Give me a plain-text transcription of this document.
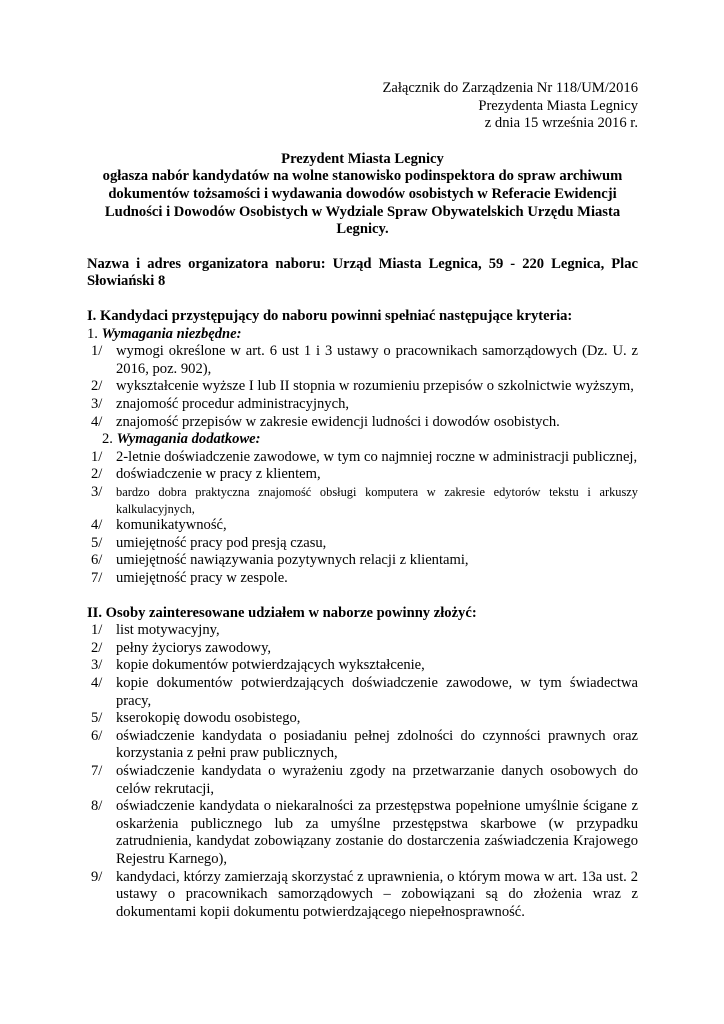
Załącznik do Zarządzenia Nr 118/UM/2016
Prezydenta Miasta Legnicy
z dnia 15 września 2016 r.
Prezydent Miasta Legnicy
ogłasza nabór kandydatów na wolne stanowisko podinspektora do spraw archiwum
dokumentów tożsamości i wydawania dowodów osobistych w Referacie Ewidencji
Ludności i Dowodów Osobistych w Wydziale Spraw Obywatelskich Urzędu Miasta
Legnicy.
Nazwa i adres organizatora naboru: Urząd Miasta Legnica, 59 - 220 Legnica, Plac Słowiański 8
I. Kandydaci przystępujący do naboru powinni spełniać następujące kryteria:
1. Wymagania niezbędne:
1/ wymogi określone w art. 6 ust 1 i 3 ustawy o pracownikach samorządowych (Dz. U. z 2016, poz. 902),
2/ wykształcenie wyższe I lub II stopnia w rozumieniu przepisów o szkolnictwie wyższym,
3/ znajomość procedur administracyjnych,
4/ znajomość przepisów w zakresie ewidencji ludności i dowodów osobistych.
2. Wymagania dodatkowe:
1/ 2-letnie doświadczenie zawodowe, w tym co najmniej roczne w administracji publicznej,
2/ doświadczenie w pracy z klientem,
3/	bardzo dobra praktyczna znajomość obsługi komputera w zakresie edytorów tekstu i arkuszy kalkulacyjnych,
4/ komunikatywność,
5/ umiejętność pracy pod presją czasu,
6/ umiejętność nawiązywania pozytywnych relacji z klientami,
7/ umiejętność pracy w zespole.
II. Osoby zainteresowane udziałem w naborze powinny złożyć:
1/ list motywacyjny,
2/ pełny życiorys zawodowy,
3/ kopie dokumentów potwierdzających wykształcenie,
4/ kopie dokumentów potwierdzających doświadczenie zawodowe, w tym świadectwa pracy,
5/ kserokopię dowodu osobistego,
6/ oświadczenie kandydata o posiadaniu pełnej zdolności do czynności prawnych oraz korzystania z pełni praw publicznych,
7/ oświadczenie kandydata o wyrażeniu zgody na przetwarzanie danych osobowych do celów rekrutacji,
8/ oświadczenie kandydata o niekaralności za przestępstwa popełnione umyślnie ścigane z oskarżenia publicznego lub za umyślne przestępstwa skarbowe (w przypadku zatrudnienia, kandydat zobowiązany zostanie do dostarczenia zaświadczenia Krajowego Rejestru Karnego),
9/ kandydaci, którzy zamierzają skorzystać z uprawnienia, o którym mowa w art. 13a ust. 2 ustawy o pracownikach samorządowych – zobowiązani są do złożenia wraz z dokumentami kopii dokumentu potwierdzającego niepełnosprawność.
